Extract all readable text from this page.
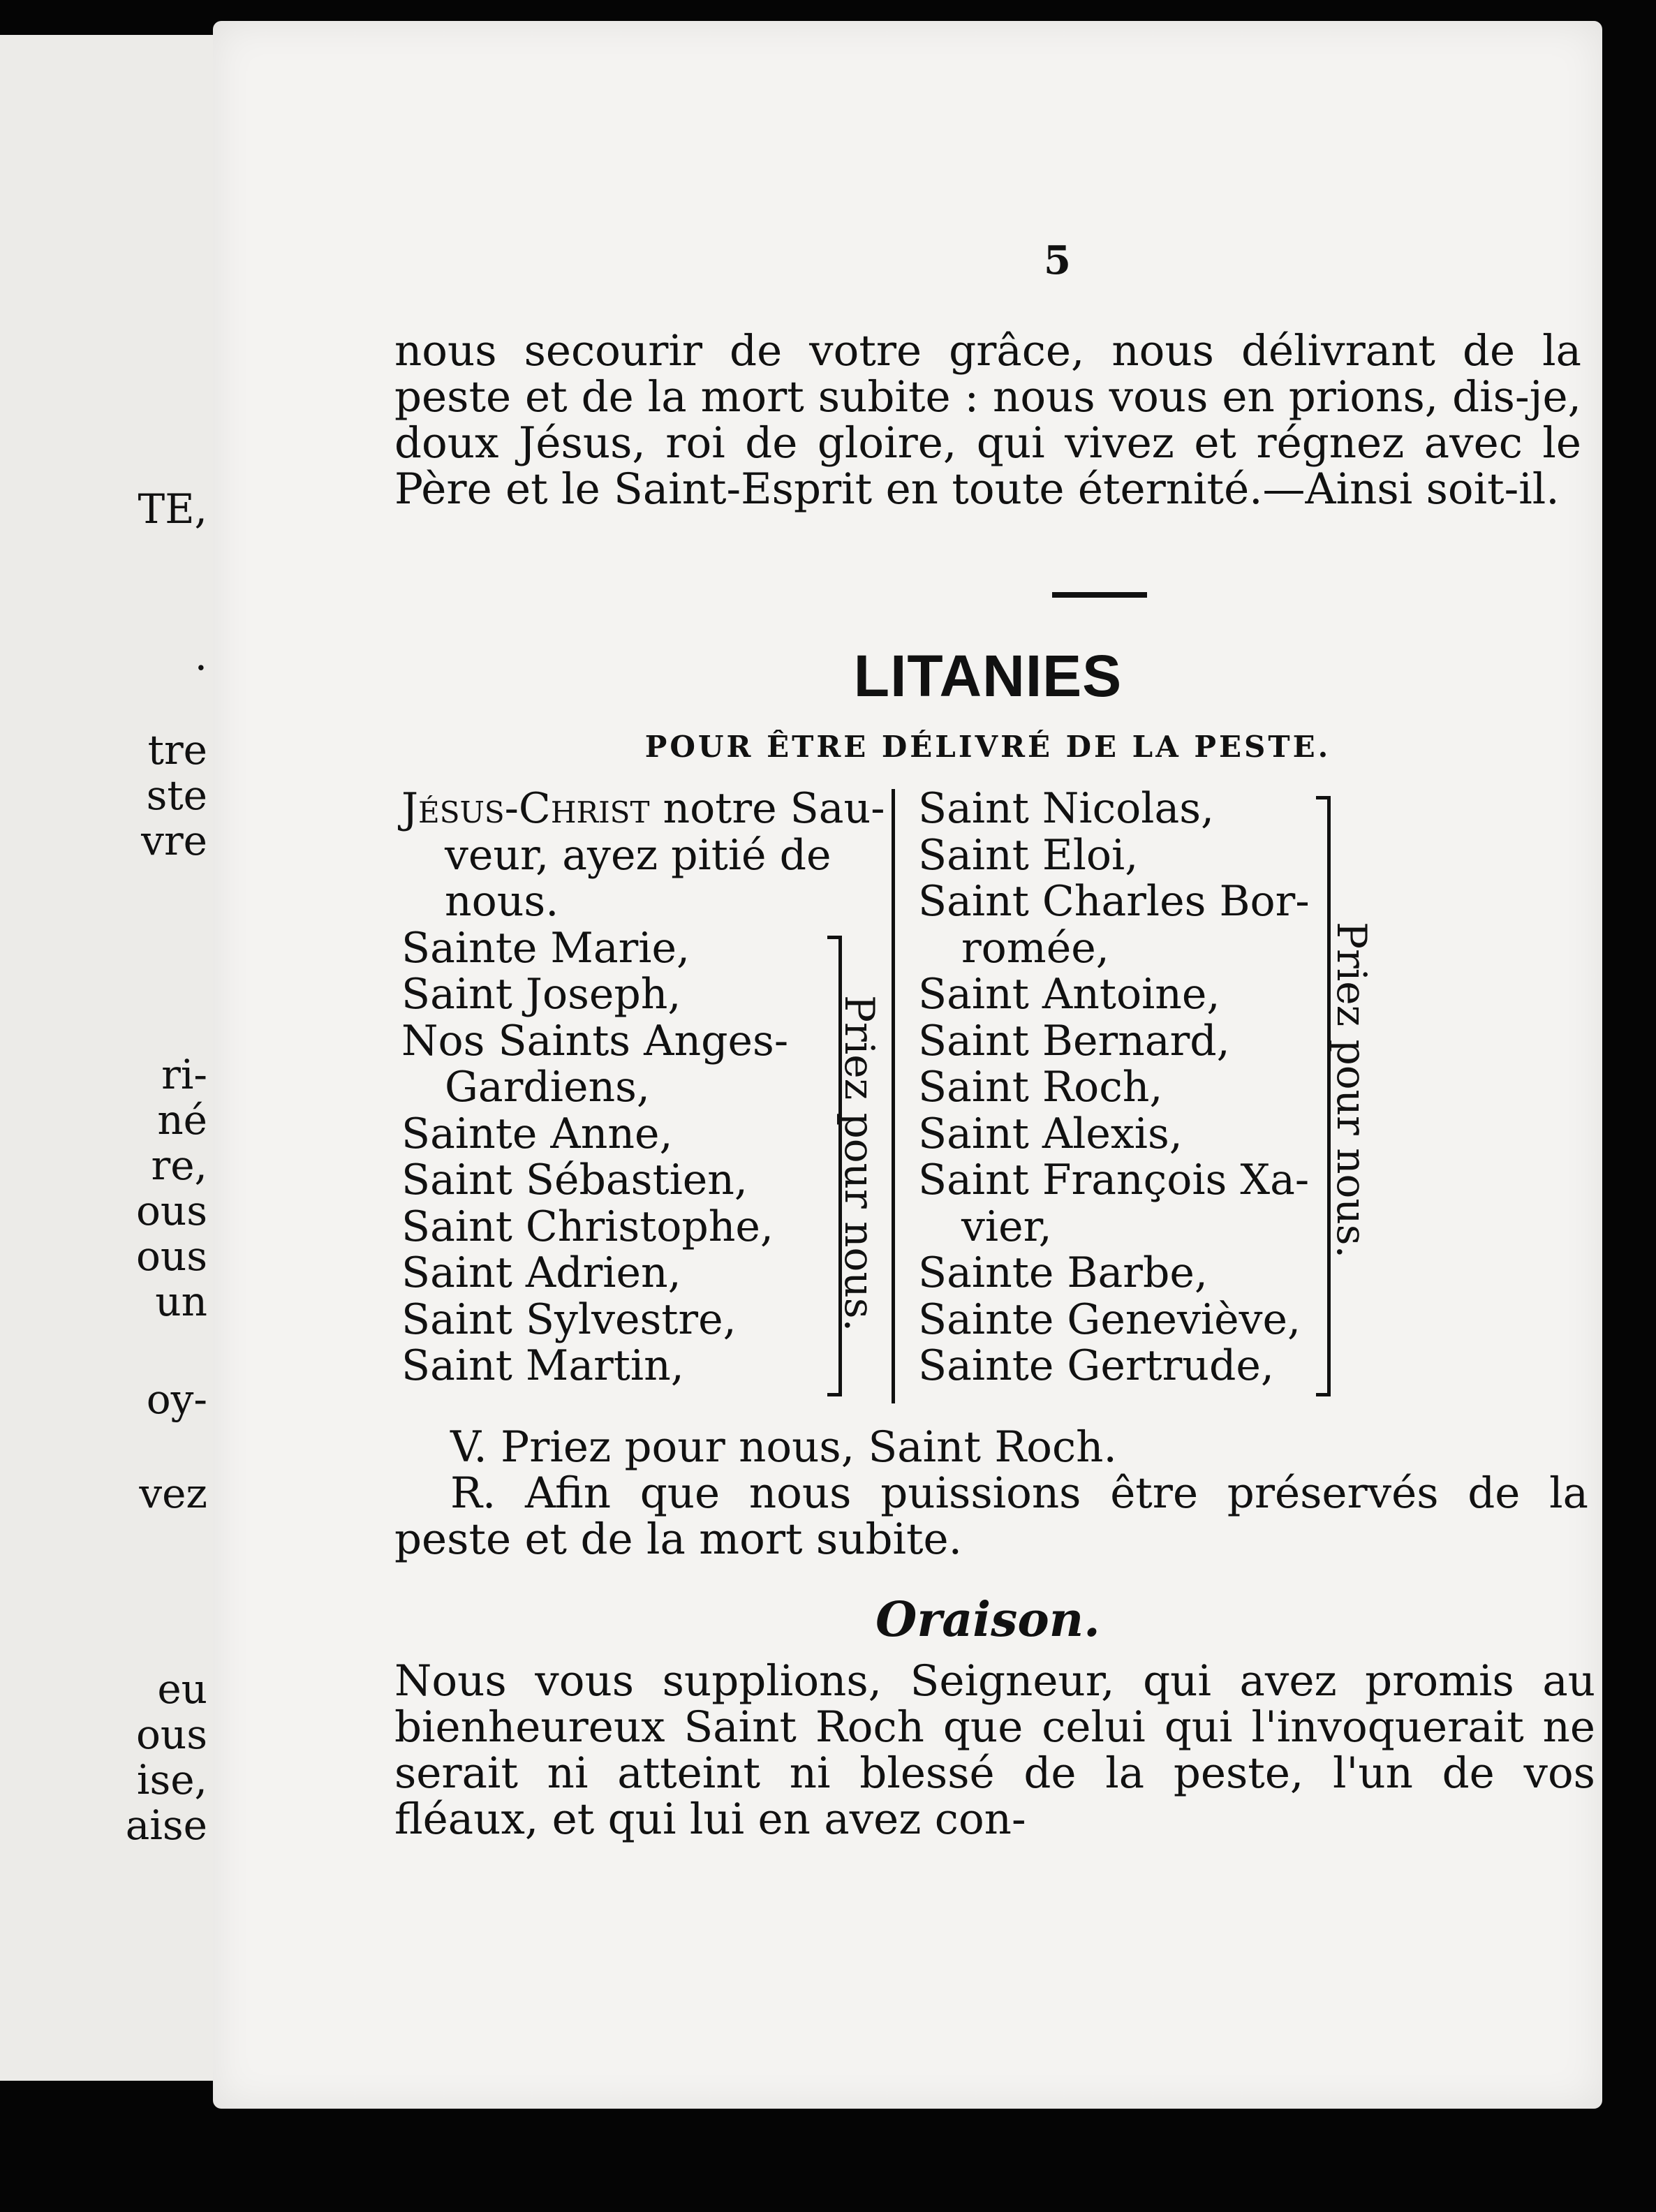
TE,
.
tre
ste
vre
ri-
né
re,
ous
ous
un
oy-
vez
eu
ous
ise,
aise
5
nous secourir de votre grâce, nous délivrant de la peste et de la mort subite : nous vous en prions, dis-je, doux Jésus, roi de gloire, qui vivez et régnez avec le Père et le Saint-Esprit en toute éternité.—Ainsi soit-il.
LITANIES
POUR ÊTRE DÉLIVRÉ DE LA PESTE.
Jésus-Christ notre Sau-
veur, ayez pitié de
nous.
Sainte Marie,
Saint Joseph,
Nos Saints Anges-
Gardiens,
Sainte Anne,
Saint Sébastien,
Saint Christophe,
Saint Adrien,
Saint Sylvestre,
Saint Martin,
Priez pour nous.
Saint Nicolas,
Saint Eloi,
Saint Charles Bor-
romée,
Saint Antoine,
Saint Bernard,
Saint Roch,
Saint Alexis,
Saint François Xa-
vier,
Sainte Barbe,
Sainte Geneviève,
Sainte Gertrude,
Priez pour nous.
V. Priez pour nous, Saint Roch.
R. Afin que nous puissions être préservés de la peste et de la mort subite.
Oraison.
Nous vous supplions, Seigneur, qui avez promis au bienheureux Saint Roch que celui qui l'invoquerait ne serait ni atteint ni blessé de la peste, l'un de vos fléaux, et qui lui en avez con-
